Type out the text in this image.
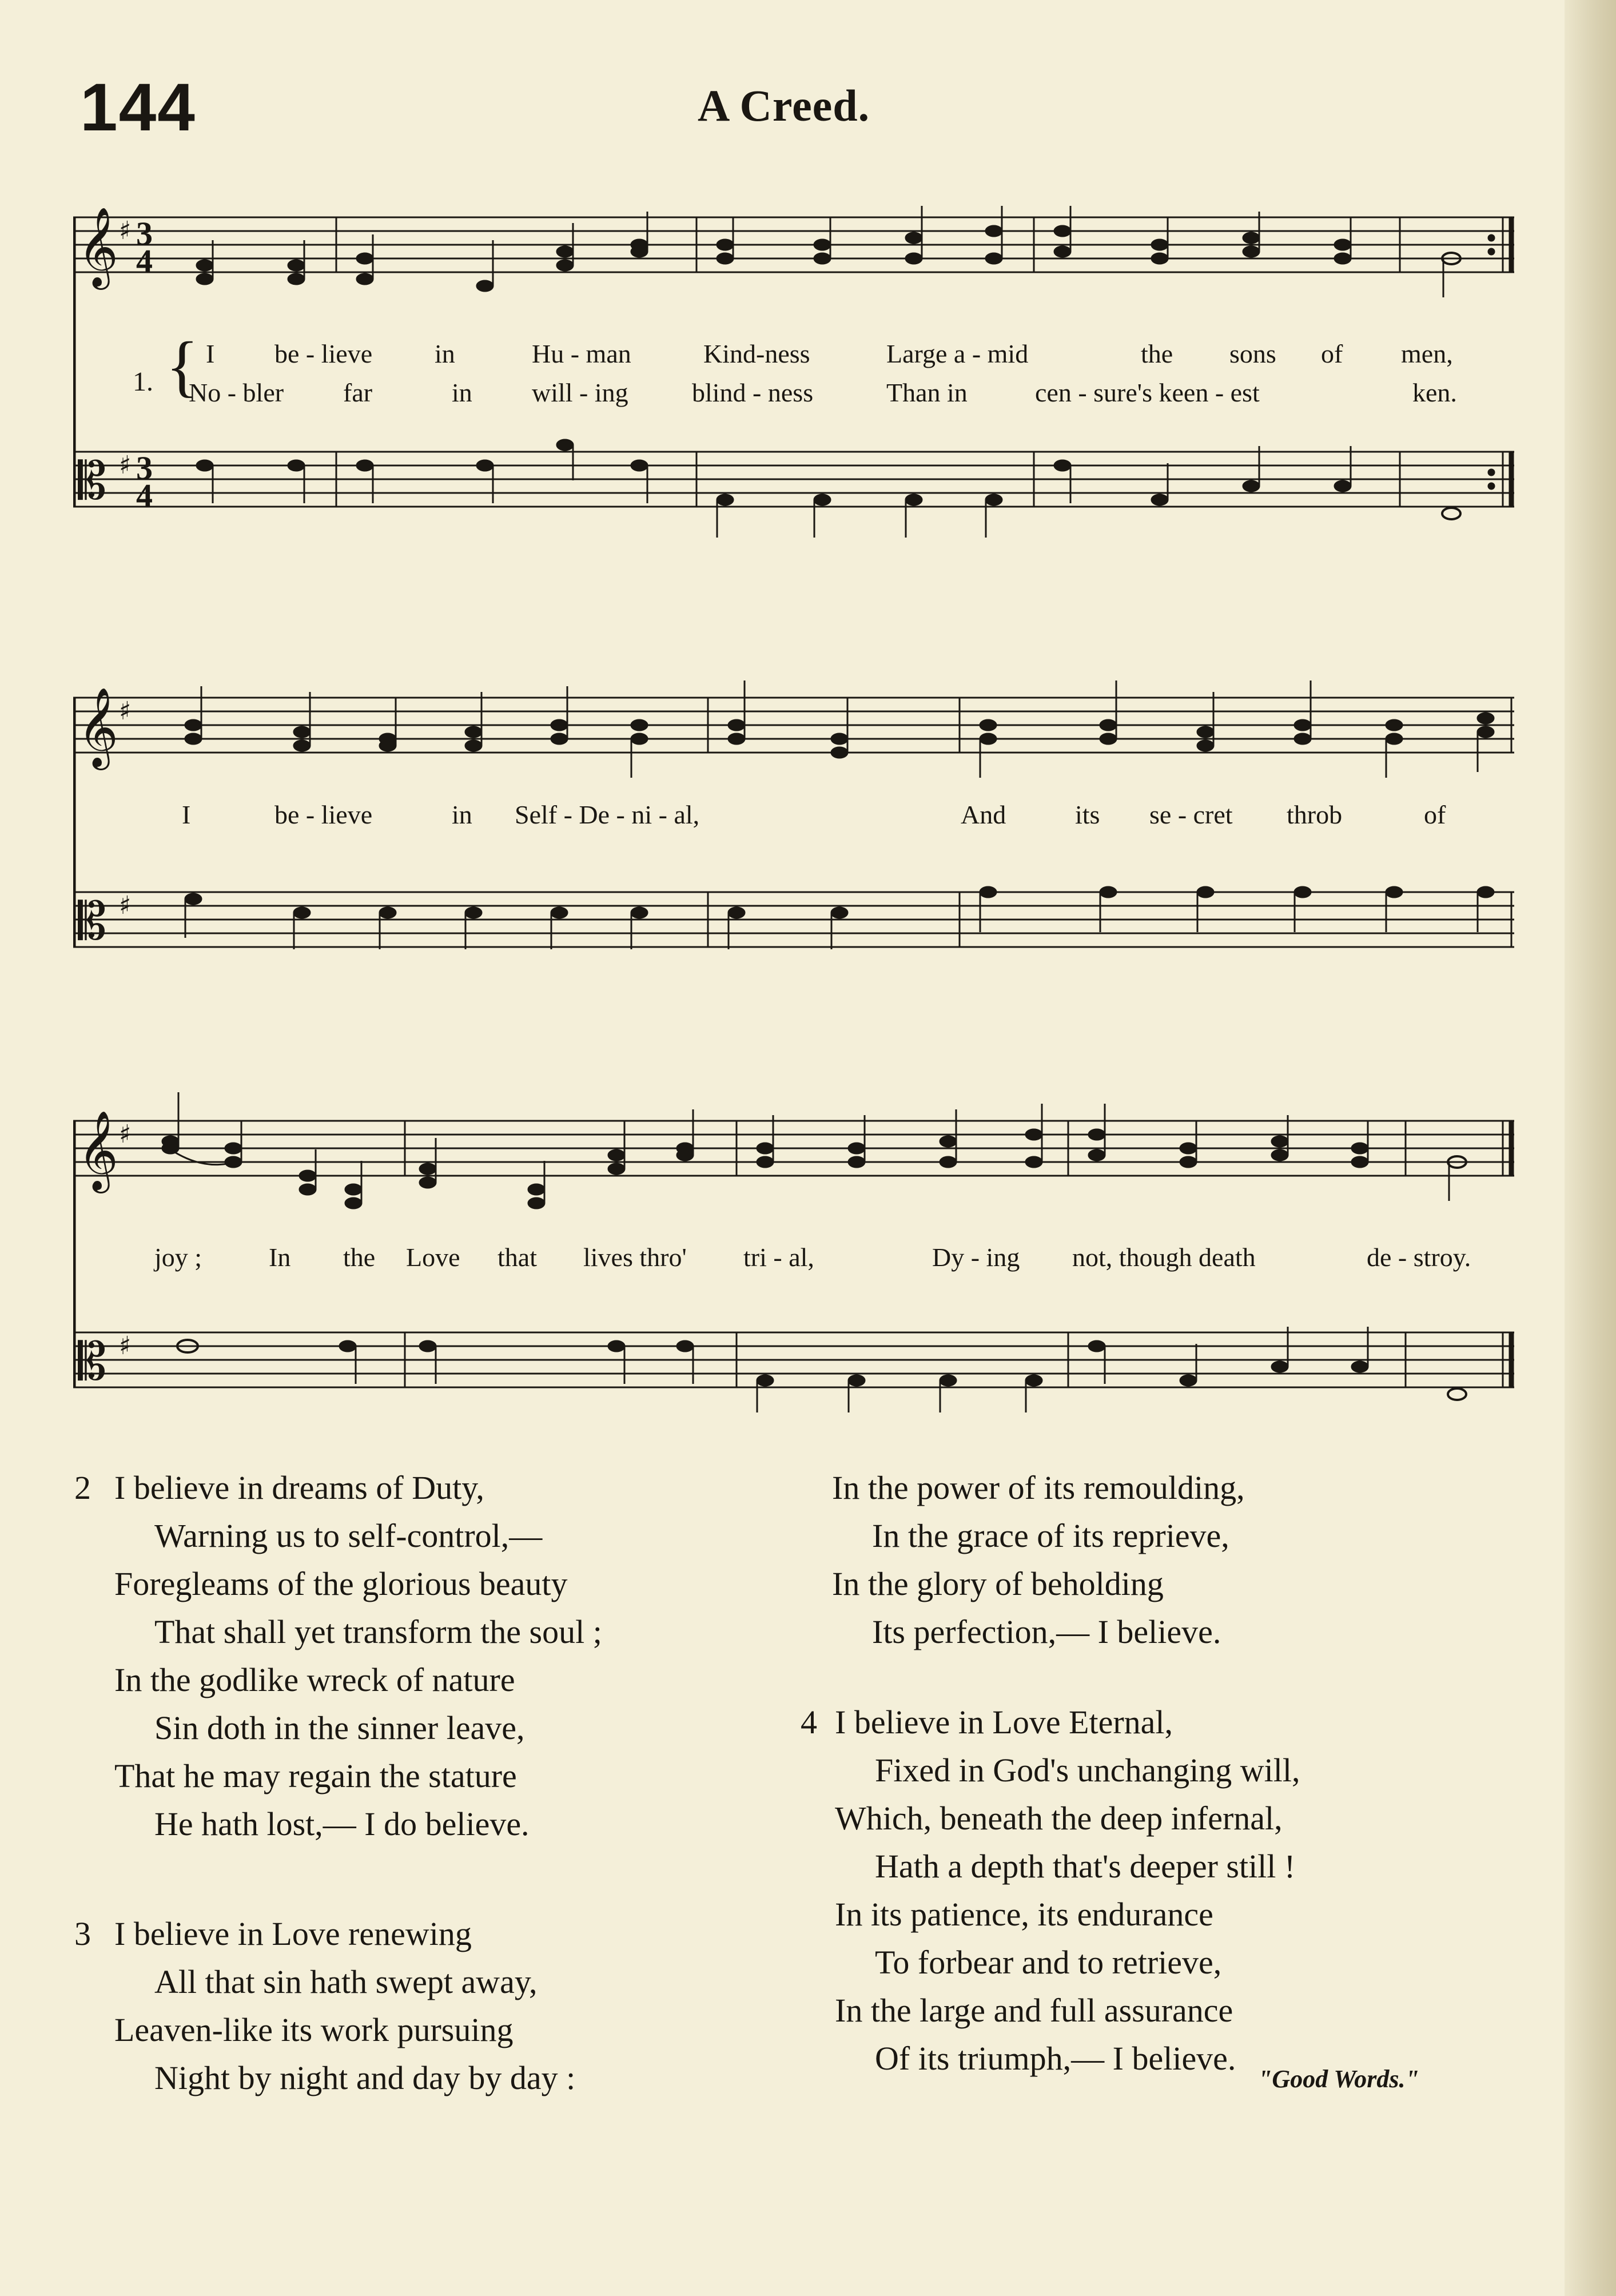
144	A Creed.
𝄞
𝄡
♯
♯
3
4
3
4
1. { I be - lieve in	Hu - man	Kind-ness	Large a - mid	the sons of men,
No - bler far	in will - ing blind - ness	Than in	cen - sure's keen - est	ken.
𝄞
𝄡
♯
♯
I	be - lieve	in Self - De - ni - al,	And	its se - cret throb	of
𝄞
𝄡
♯
♯
joy ;	In the Love that lives thro' tri - al,	Dy - ing not, though death	de - stroy.
2 I believe in dreams of Duty,
Warning us to self-control,—
Foregleams of the glorious beauty
That shall yet transform the soul ;
In the godlike wreck of nature
Sin doth in the sinner leave,
That he may regain the stature
He hath lost,— I do believe.
3 I believe in Love renewing
All that sin hath swept away,
Leaven-like its work pursuing
Night by night and day by day :
In the power of its remoulding,
In the grace of its reprieve,
In the glory of beholding
Its perfection,— I believe.
4 I believe in Love Eternal,
Fixed in God's unchanging will,
Which, beneath the deep infernal,
Hath a depth that's deeper still !
In its patience, its endurance
To forbear and to retrieve,
In the large and full assurance
Of its triumph,— I believe.
"Good Words."
